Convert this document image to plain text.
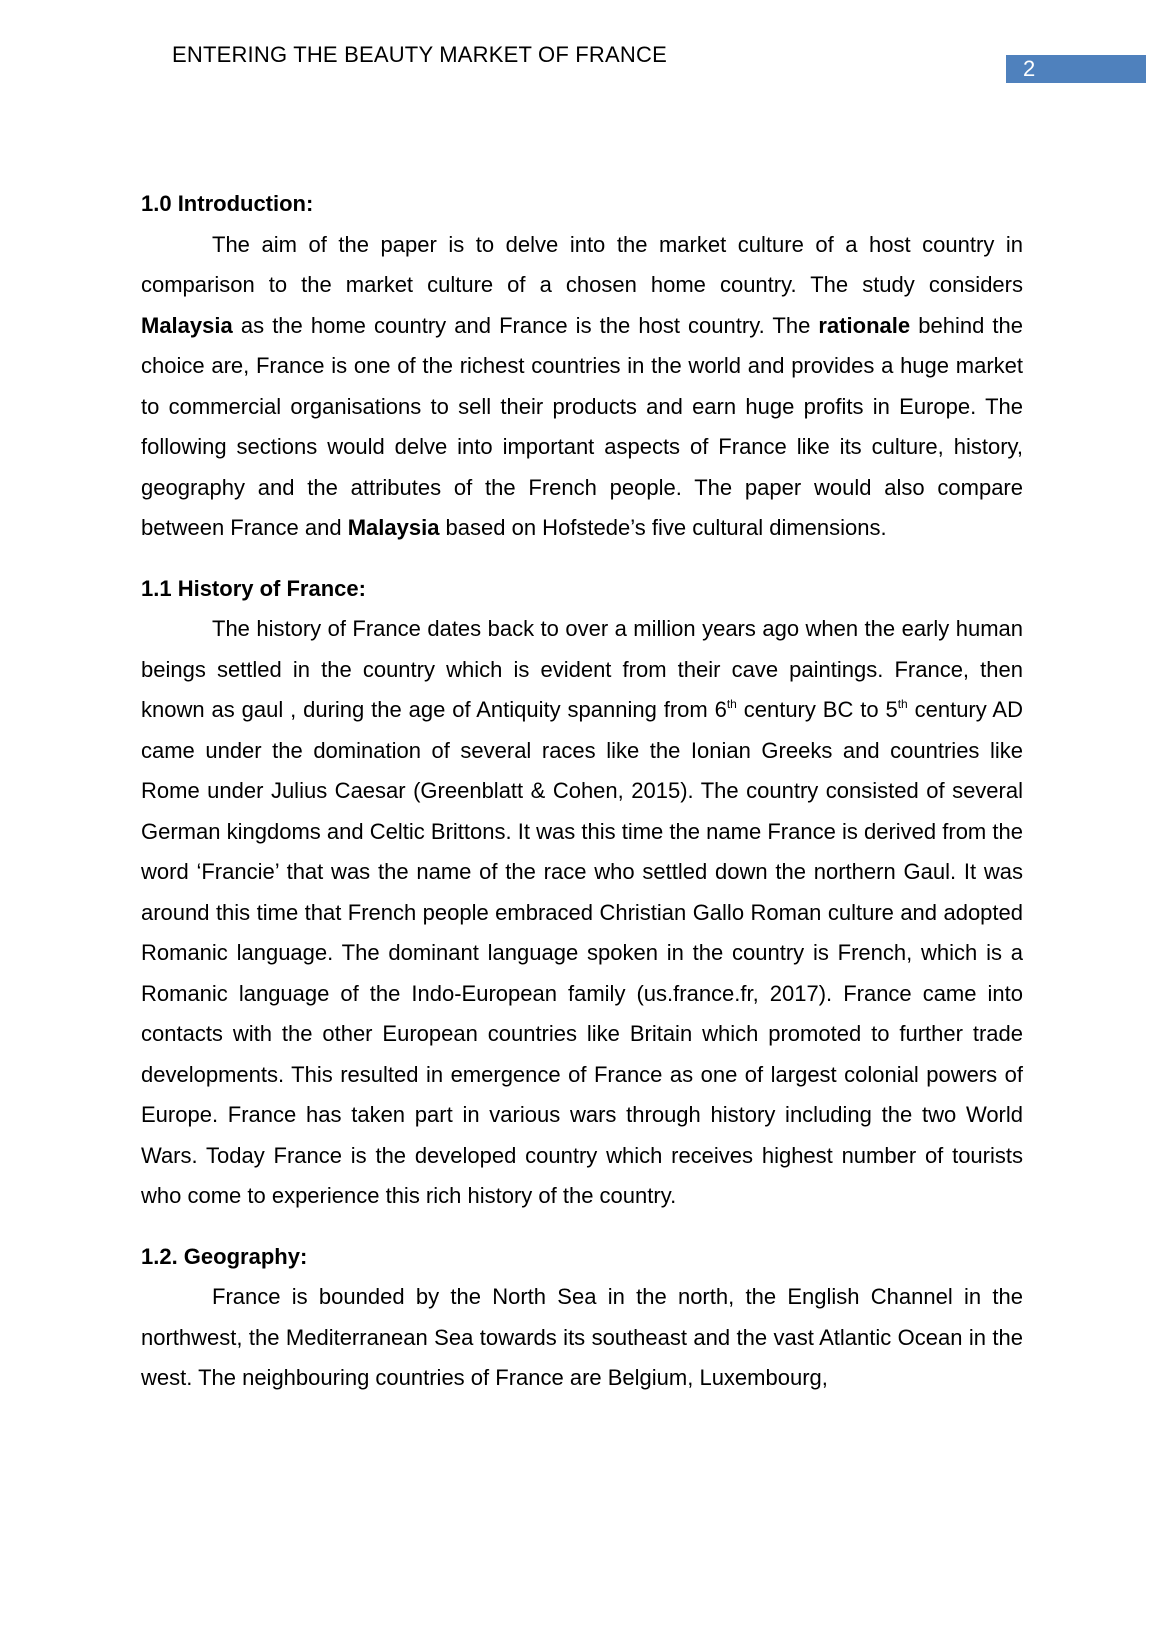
ENTERING THE BEAUTY MARKET OF FRANCE
2
1.0 Introduction:

The aim of the paper is to delve into the market culture of a host country in comparison to the market culture of a chosen home country. The study considers Malaysia as the home country and France is the host country. The rationale behind the choice are, France is one of the richest countries in the world and provides a huge market to commercial organisations to sell their products and earn huge profits in Europe. The following sections would delve into important aspects of France like its culture, history, geography and the attributes of the French people. The paper would also compare between France and Malaysia based on Hofstede’s five cultural dimensions.

1.1 History of France:

The history of France dates back to over a million years ago when the early human beings settled in the country which is evident from their cave paintings. France, then known as gaul , during the age of Antiquity spanning from 6th century BC to 5th century AD came under the domination of several races like the Ionian Greeks and countries like Rome under Julius Caesar (Greenblatt & Cohen, 2015). The country consisted of several German kingdoms and Celtic Brittons. It was this time the name France is derived from the word ‘Francie’ that was the name of the race who settled down the northern Gaul. It was around this time that French people embraced Christian Gallo Roman culture and adopted Romanic language. The dominant language spoken in the country is French, which is a Romanic language of the Indo-European family (us.france.fr, 2017). France came into contacts with the other European countries like Britain which promoted to further trade developments. This resulted in emergence of France as one of largest colonial powers of Europe. France has taken part in various wars through history including the two World Wars. Today France is the developed country which receives highest number of tourists who come to experience this rich history of the country.

1.2. Geography:

France is bounded by the North Sea in the north, the English Channel in the northwest, the Mediterranean Sea towards its southeast and the vast Atlantic Ocean in the west. The neighbouring countries of France are Belgium, Luxembourg,
